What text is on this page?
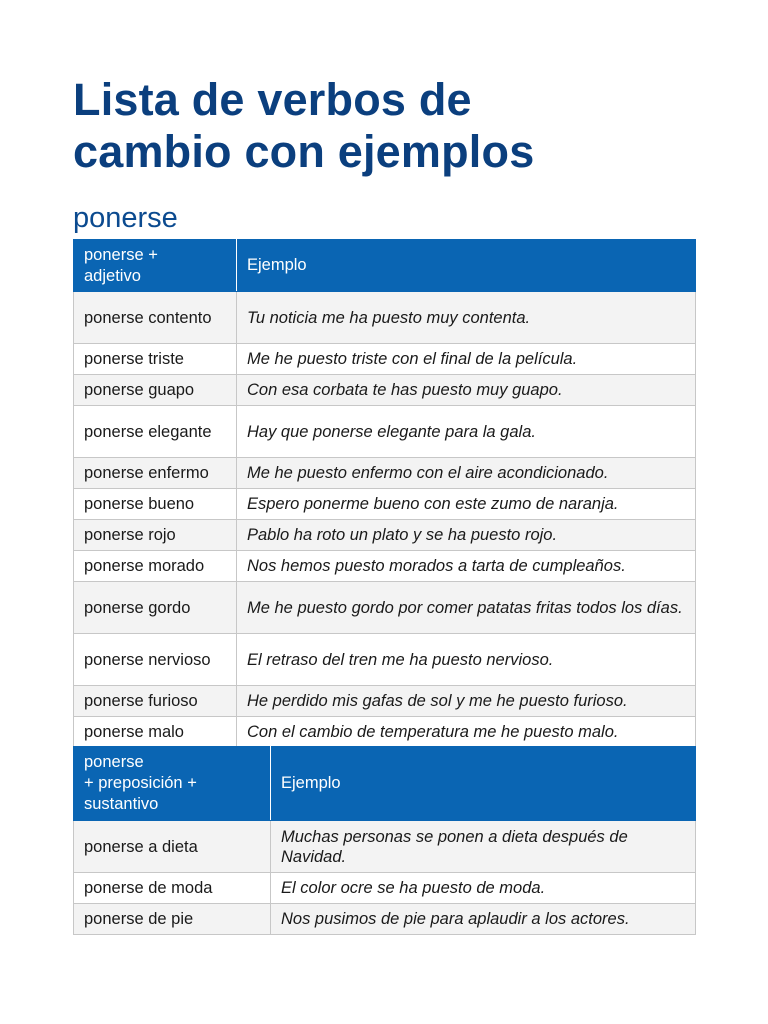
Lista de verbos de
cambio con ejemplos
ponerse
ponerse +
adjetivo	Ejemplo
ponerse contento	Tu noticia me ha puesto muy contenta.
ponerse triste	Me he puesto triste con el final de la película.
ponerse guapo	Con esa corbata te has puesto muy guapo.
ponerse elegante	Hay que ponerse elegante para la gala.
ponerse enfermo	Me he puesto enfermo con el aire acondicionado.
ponerse bueno	Espero ponerme bueno con este zumo de naranja.
ponerse rojo	Pablo ha roto un plato y se ha puesto rojo.
ponerse morado	Nos hemos puesto morados a tarta de cumpleaños.
ponerse gordo	Me he puesto gordo por comer patatas fritas todos los días.
ponerse nervioso	El retraso del tren me ha puesto nervioso.
ponerse furioso	He perdido mis gafas de sol y me he puesto furioso.
ponerse malo	Con el cambio de temperatura me he puesto malo.
ponerse
+ preposición +
sustantivo	Ejemplo
ponerse a dieta	Muchas personas se ponen a dieta después de Navidad.
ponerse de moda	El color ocre se ha puesto de moda.
ponerse de pie	Nos pusimos de pie para aplaudir a los actores.
